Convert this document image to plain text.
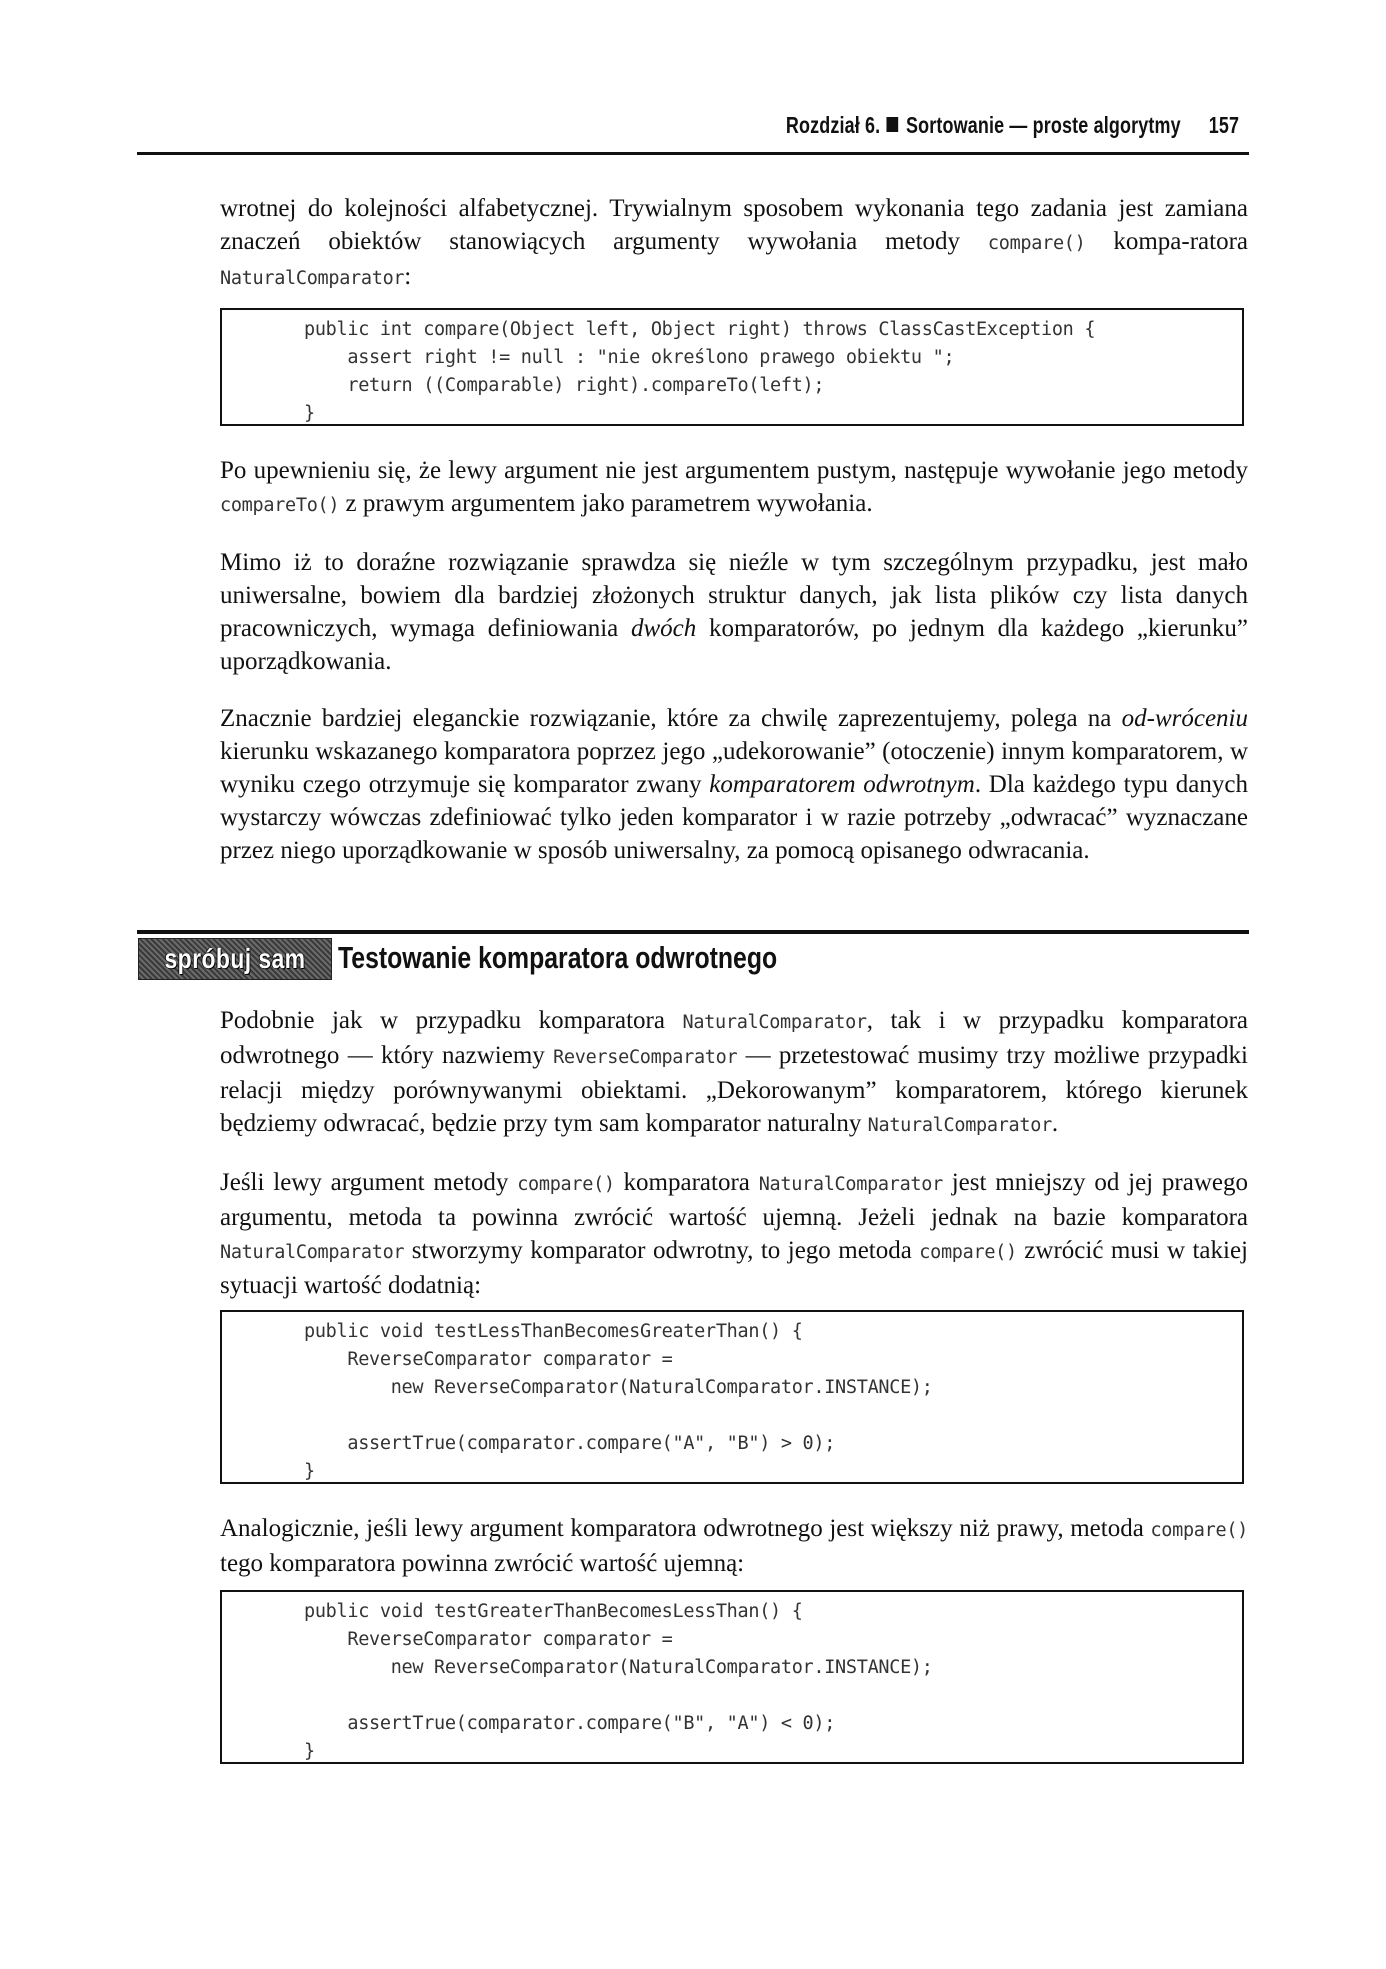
Rozdział 6. Sortowanie — proste algorytmy 157

wrotnej do kolejności alfabetycznej. Trywialnym sposobem wykonania tego zadania jest zamiana znaczeń obiektów stanowiących argumenty wywołania metody compare() kompa-ratora NaturalComparator:

public int compare(Object left, Object right) throws ClassCastException {
assert right != null : "nie określono prawego obiektu ";
return ((Comparable) right).compareTo(left);
}

Po upewnieniu się, że lewy argument nie jest argumentem pustym, następuje wywołanie jego metody compareTo() z prawym argumentem jako parametrem wywołania.

Mimo iż to doraźne rozwiązanie sprawdza się nieźle w tym szczególnym przypadku, jest mało uniwersalne, bowiem dla bardziej złożonych struktur danych, jak lista plików czy lista danych pracowniczych, wymaga definiowania dwóch komparatorów, po jednym dla każdego „kierunku” uporządkowania.

Znacznie bardziej eleganckie rozwiązanie, które za chwilę zaprezentujemy, polega na od-wróceniu kierunku wskazanego komparatora poprzez jego „udekorowanie” (otoczenie) innym komparatorem, w wyniku czego otrzymuje się komparator zwany komparatorem odwrotnym. Dla każdego typu danych wystarczy wówczas zdefiniować tylko jeden komparator i w razie potrzeby „odwracać” wyznaczane przez niego uporządkowanie w sposób uniwersalny, za pomocą opisanego odwracania.

spróbuj sam Testowanie komparatora odwrotnego

Podobnie jak w przypadku komparatora NaturalComparator, tak i w przypadku komparatora odwrotnego — który nazwiemy ReverseComparator — przetestować musimy trzy możliwe przypadki relacji między porównywanymi obiektami. „Dekorowanym” komparatorem, którego kierunek będziemy odwracać, będzie przy tym sam komparator naturalny NaturalComparator.

Jeśli lewy argument metody compare() komparatora NaturalComparator jest mniejszy od jej prawego argumentu, metoda ta powinna zwrócić wartość ujemną. Jeżeli jednak na bazie komparatora NaturalComparator stworzymy komparator odwrotny, to jego metoda compare() zwrócić musi w takiej sytuacji wartość dodatnią:

public void testLessThanBecomesGreaterThan() {
ReverseComparator comparator =
new ReverseComparator(NaturalComparator.INSTANCE);
assertTrue(comparator.compare("A", "B") > 0);
}

Analogicznie, jeśli lewy argument komparatora odwrotnego jest większy niż prawy, metoda compare() tego komparatora powinna zwrócić wartość ujemną:

public void testGreaterThanBecomesLessThan() {
ReverseComparator comparator =
new ReverseComparator(NaturalComparator.INSTANCE);
assertTrue(comparator.compare("B", "A") < 0);
}
